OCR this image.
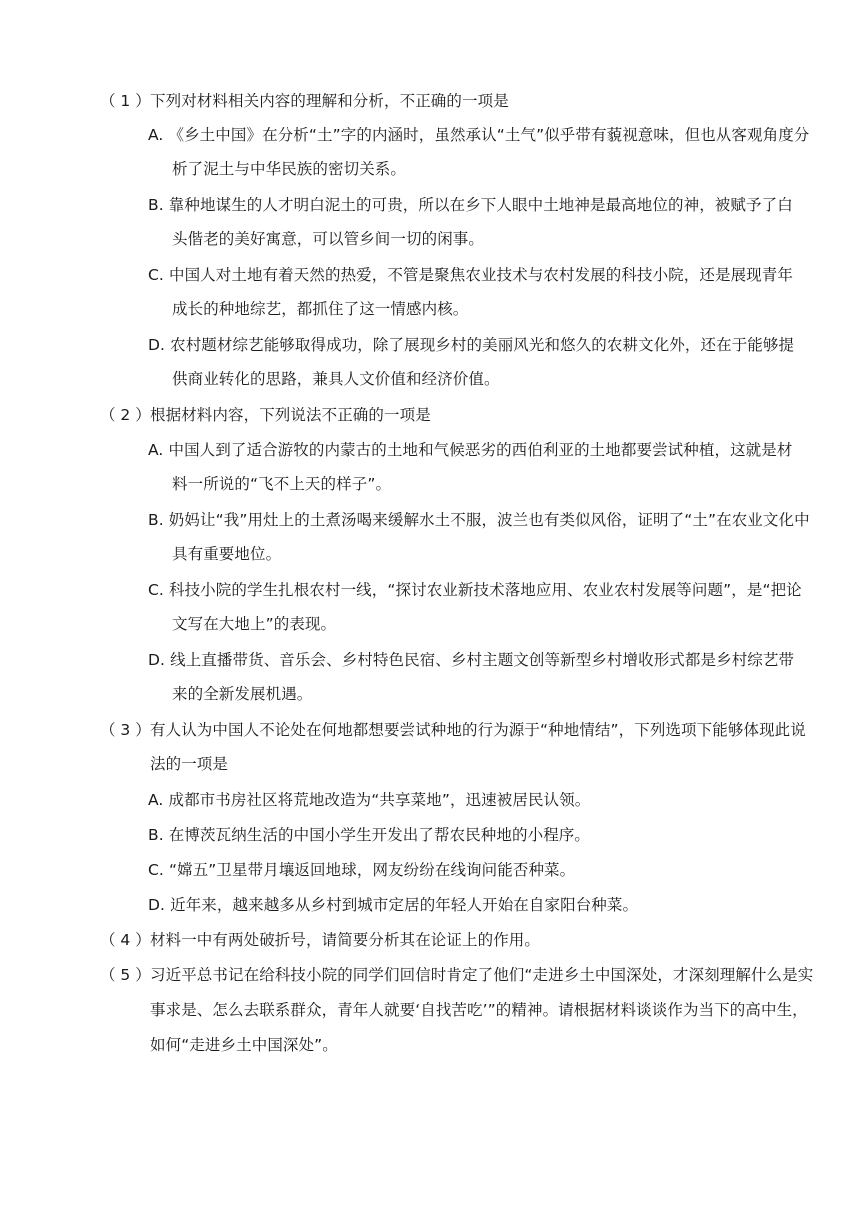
（ 1 ） 下列对材料相关内容的理解和分析，不正确的一项是
A. 《乡土中国》在分析“土”字的内涵时，虽然承认“土气”似乎带有藐视意味，但也从客观角度分
析了泥土与中华民族的密切关系。
B. 靠种地谋生的人才明白泥土的可贵，所以在乡下人眼中土地神是最高地位的神，被赋予了白
头偕老的美好寓意，可以管乡间一切的闲事。
C. 中国人对土地有着天然的热爱，不管是聚焦农业技术与农村发展的科技小院，还是展现青年
成长的种地综艺，都抓住了这一情感内核。
D. 农村题材综艺能够取得成功，除了展现乡村的美丽风光和悠久的农耕文化外，还在于能够提
供商业转化的思路，兼具人文价值和经济价值。
（ 2 ） 根据材料内容，下列说法不正确的一项是
A. 中国人到了适合游牧的内蒙古的土地和气候恶劣的西伯利亚的土地都要尝试种植，这就是材
料一所说的“飞不上天的样子”。
B. 奶妈让“我”用灶上的土煮汤喝来缓解水土不服，波兰也有类似风俗，证明了“土”在农业文化中
具有重要地位。
C. 科技小院的学生扎根农村一线，“探讨农业新技术落地应用、农业农村发展等问题”，是“把论
文写在大地上”的表现。
D. 线上直播带货、音乐会、乡村特色民宿、乡村主题文创等新型乡村增收形式都是乡村综艺带
来的全新发展机遇。
（ 3 ） 有人认为中国人不论处在何地都想要尝试种地的行为源于“种地情结”，下列选项下能够体现此说
法的一项是
A. 成都市书房社区将荒地改造为“共享菜地”，迅速被居民认领。
B. 在博茨瓦纳生活的中国小学生开发出了帮农民种地的小程序。
C. “嫦五”卫星带月壤返回地球，网友纷纷在线询问能否种菜。
D. 近年来，越来越多从乡村到城市定居的年轻人开始在自家阳台种菜。
（ 4 ） 材料一中有两处破折号，请简要分析其在论证上的作用。
（ 5 ） 习近平总书记在给科技小院的同学们回信时肯定了他们“走进乡土中国深处，才深刻理解什么是实
事求是、怎么去联系群众，青年人就要‘自找苦吃’”的精神。请根据材料谈谈作为当下的高中生，
如何“走进乡土中国深处”。
